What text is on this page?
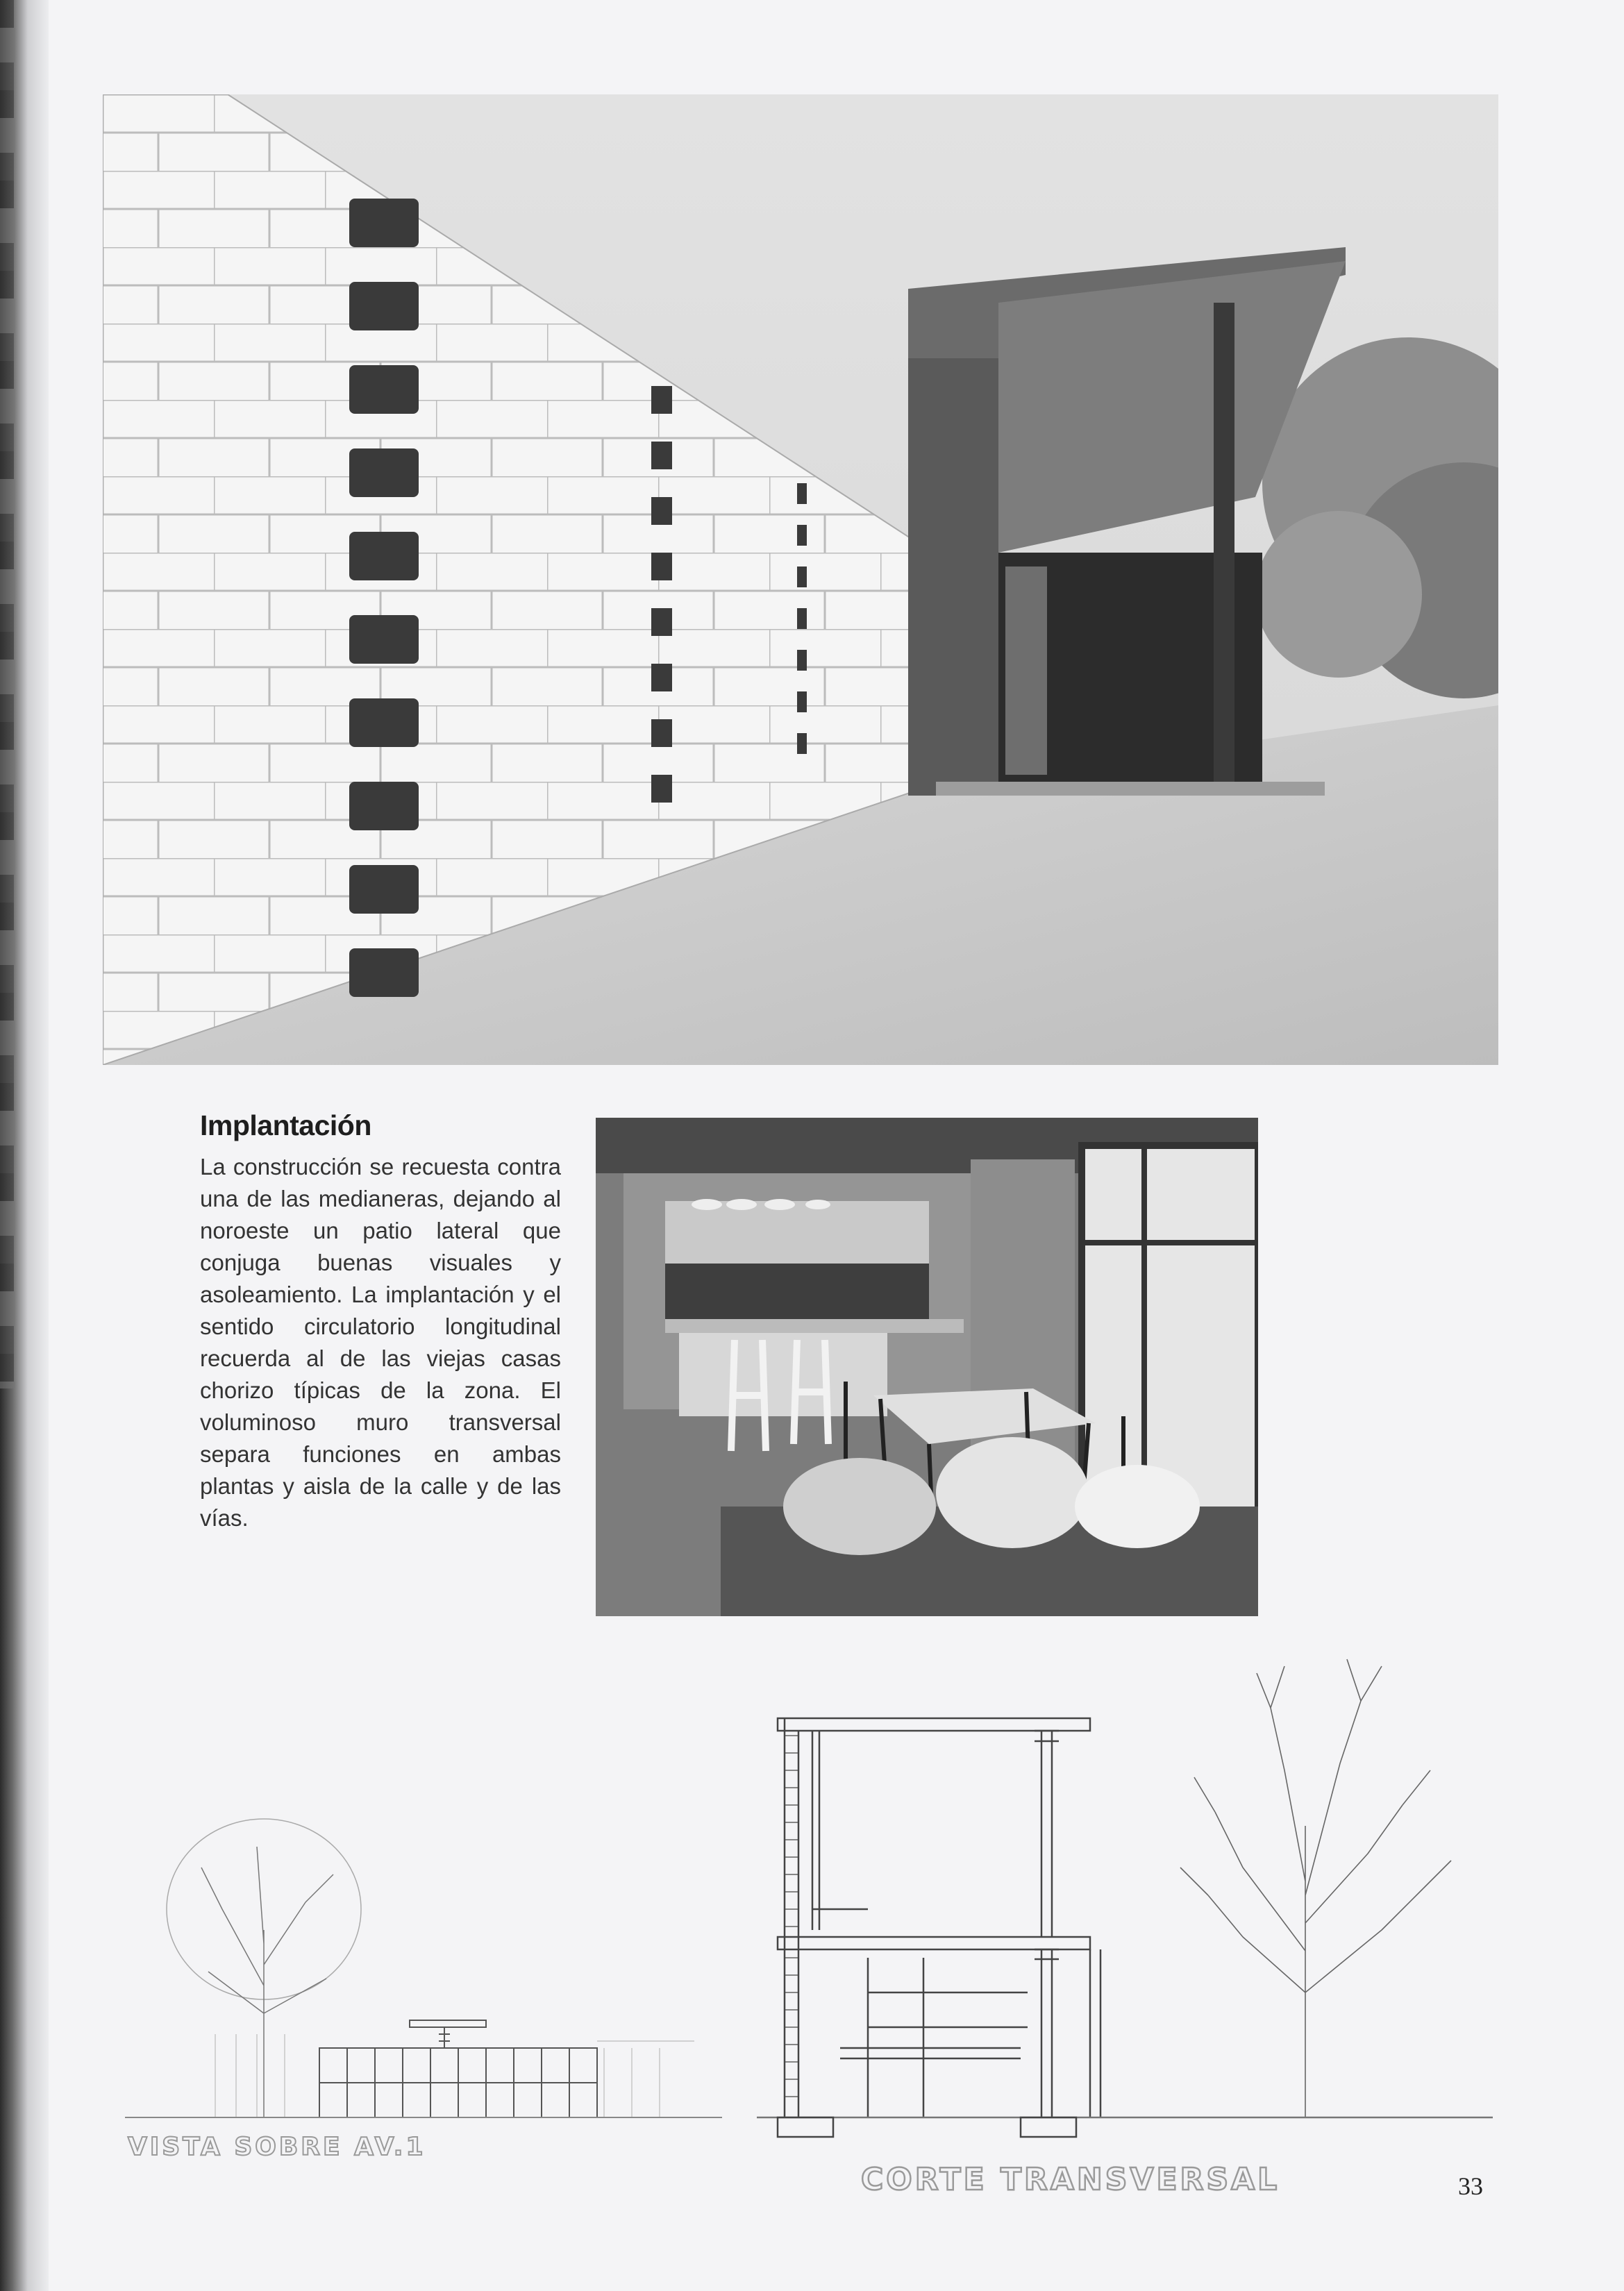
Implantación
La construcción se recuesta contra una de las medianeras, dejando al noroeste un patio lateral que conjuga buenas visuales y asoleamiento. La implantación y el sentido circulatorio longitudinal recuerda al de las viejas casas chorizo típicas de la zona. El voluminoso muro transversal separa funciones en ambas plantas y aisla de la calle y de las vías.
VISTA SOBRE AV.1
CORTE TRANSVERSAL	33
